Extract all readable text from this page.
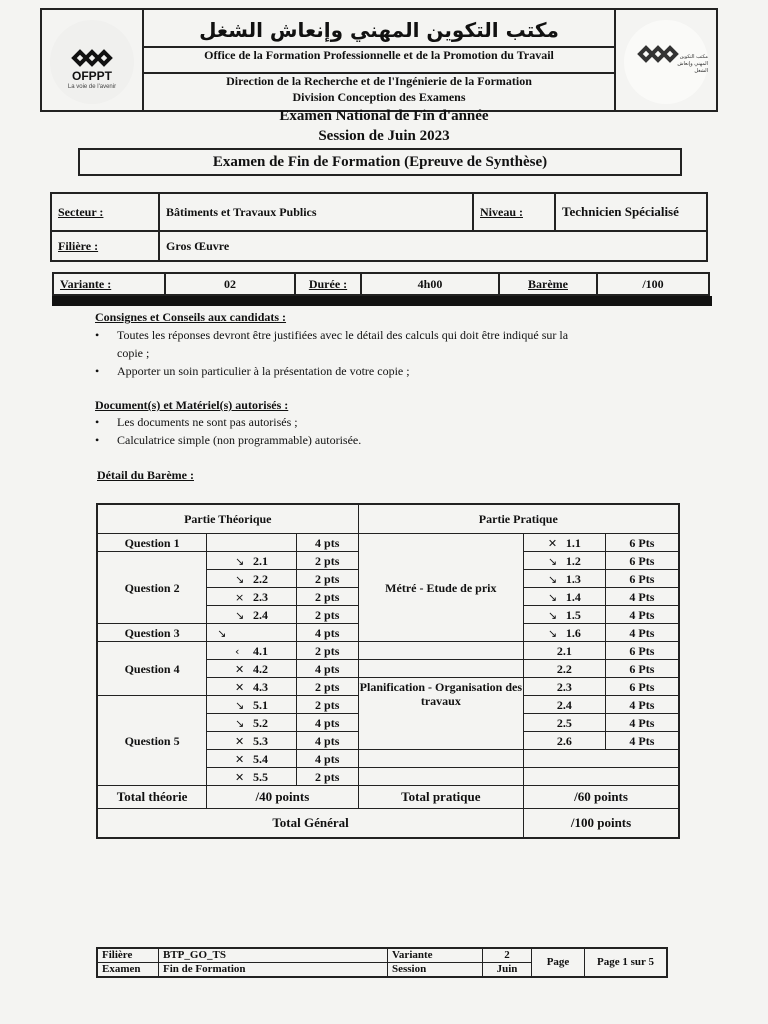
OFPPT
La voie de l'avenir
مكتب التكوين المهني وإنعاش الشغل
Office de la Formation Professionnelle et de la Promotion du Travail
Direction de la Recherche et de l'Ingénierie de la Formation
Division Conception des Examens
مكتب التكوين المهني وإنعاش الشغل
Examen National de Fin d'année
Session de Juin 2023
Examen de Fin de Formation (Epreuve de Synthèse)
Secteur :	Bâtiments et Travaux Publics	Niveau :	Technicien Spécialisé
Filière :	Gros Œuvre		
Variante :	02	Durée :	4h00	Barème	/100
Consignes et Conseils aux candidats :
• Toutes les réponses devront être justifiées avec le détail des calculs qui doit être indiqué sur la
copie ;
• Apporter un soin particulier à la présentation de votre copie ;
Document(s) et Matériel(s) autorisés :
• Les documents ne sont pas autorisés ;
• Calculatrice simple (non programmable) autorisée.
Détail du Barème :
Partie Théorique			Partie Pratique		
Question 1		4 pts	Métré - Etude de prix	✕ 1.1	6 Pts
Question 2	↘ 2.1	2 pts		↘ 1.2	6 Pts
	↘ 2.2	2 pts		↘ 1.3	6 Pts
	× 2.3	2 pts		↘ 1.4	4 Pts
	↘ 2.4	2 pts		↘ 1.5	4 Pts
Question 3	↘	4 pts		↘ 1.6	4 Pts
Question 4	‹ 4.1	2 pts		2.1	6 Pts
	✕ 4.2	4 pts		2.2	6 Pts
	✕ 4.3	2 pts	Planification - Organisation des travaux	2.3	6 Pts
Question 5	↘ 5.1	2 pts		2.4	4 Pts
	↘ 5.2	4 pts		2.5	4 Pts
	✕ 5.3	4 pts		2.6	4 Pts
	✕ 5.4	4 pts			
	✕ 5.5	2 pts			
Total théorie	/40 points		Total pratique	/60 points	
Total Général				/100 points	
Filière	BTP_GO_TS	Variante	2	Page	Page 1 sur 5
Examen	Fin de Formation	Session	Juin		
